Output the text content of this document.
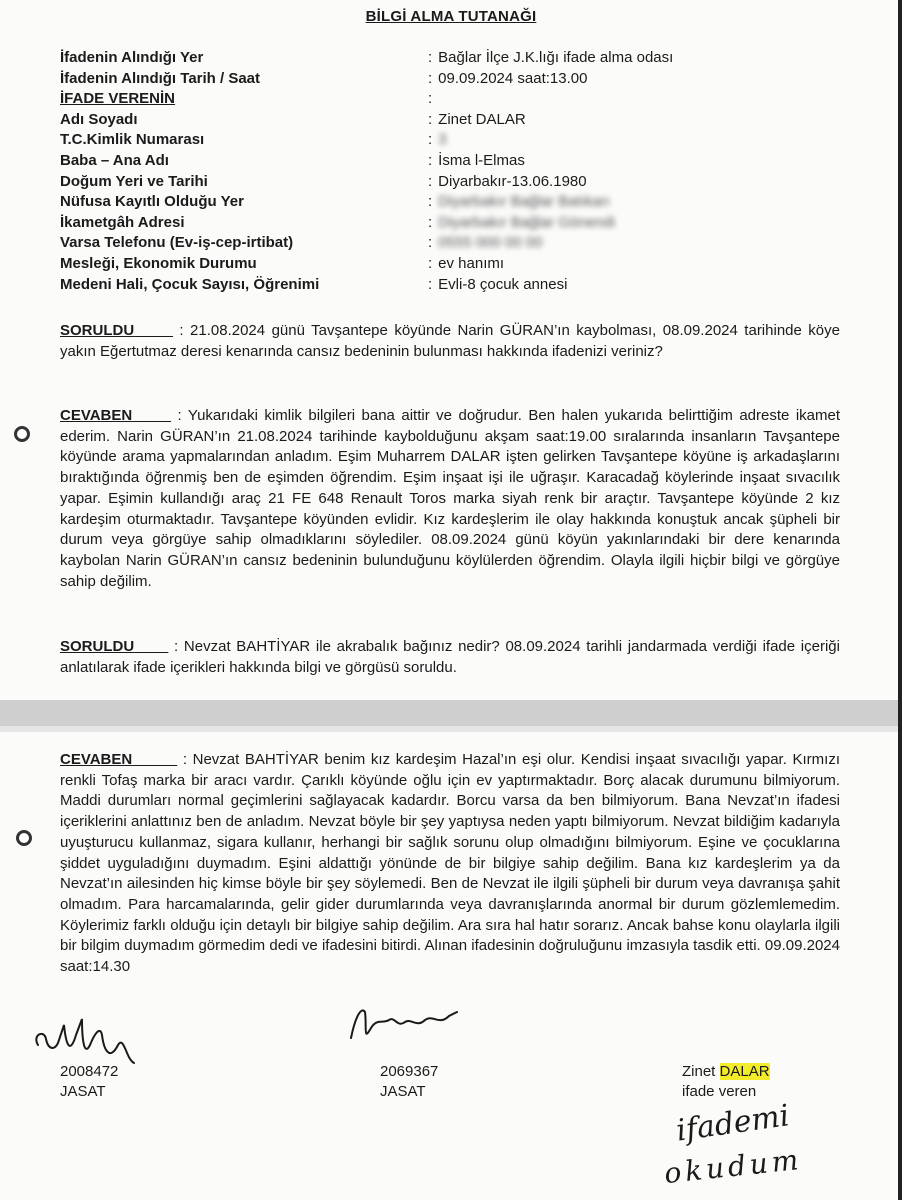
BİLGİ ALMA TUTANAĞI
İfadenin Alındığı Yer	: Bağlar İlçe J.K.lığı ifade alma odası
İfadenin Alındığı Tarih / Saat	: 09.09.2024 saat:13.00
İFADE VERENİN	:
Adı Soyadı	: Zinet DALAR
T.C.Kimlik Numarası	: 3
Baba – Ana Adı	: İsma l-Elmas
Doğum Yeri ve Tarihi	: Diyarbakır-13.06.1980
Nüfusa Kayıtlı Olduğu Yer	: Diyarbakır Bağlar Batıkarı
İkametgâh Adresi	: Diyarbakır Bağlar Gönendi
Varsa Telefonu (Ev-iş-cep-irtibat)	: 0555 000 00 00
Mesleği, Ekonomik Durumu	: ev hanımı
Medeni Hali, Çocuk Sayısı, Öğrenimi	: Evli-8 çocuk annesi
SORULDU	: 21.08.2024 günü Tavşantepe köyünde Narin GÜRAN’ın kaybolması, 08.09.2024 tarihinde köye yakın Eğertutmaz deresi kenarında cansız bedeninin bulunması hakkında ifadenizi veriniz?
CEVABEN	: Yukarıdaki kimlik bilgileri bana aittir ve doğrudur. Ben halen yukarıda belirttiğim adreste ikamet ederim. Narin GÜRAN’ın 21.08.2024 tarihinde kaybolduğunu akşam saat:19.00 sıralarında insanların Tavşantepe köyünde arama yapmalarından anladım. Eşim Muharrem DALAR işten gelirken Tavşantepe köyüne iş arkadaşlarını bıraktığında öğrenmiş ben de eşimden öğrendim. Eşim inşaat işi ile uğraşır. Karacadağ köylerinde inşaat sıvacılık yapar. Eşimin kullandığı araç 21 FE 648 Renault Toros marka siyah renk bir araçtır. Tavşantepe köyünde 2 kız kardeşim oturmaktadır. Tavşantepe köyünden evlidir. Kız kardeşlerim ile olay hakkında konuştuk ancak şüpheli bir durum veya görgüye sahip olmadıklarını söylediler. 08.09.2024 günü köyün yakınlarındaki bir dere kenarında kaybolan Narin GÜRAN’ın cansız bedeninin bulunduğunu köylülerden öğrendim. Olayla ilgili hiçbir bilgi ve görgüye sahip değilim.
SORULDU       : Nevzat BAHTİYAR ile akrabalık bağınız nedir? 08.09.2024 tarihli jandarmada verdiği ifade içeriği anlatılarak ifade içerikleri hakkında bilgi ve görgüsü soruldu.
CEVABEN	: Nevzat BAHTİYAR benim kız kardeşim Hazal’ın eşi olur. Kendisi inşaat sıvacılığı yapar. Kırmızı renkli Tofaş marka bir aracı vardır. Çarıklı köyünde oğlu için ev yaptırmaktadır. Borç alacak durumunu bilmiyorum. Maddi durumları normal geçimlerini sağlayacak kadardır. Borcu varsa da ben bilmiyorum. Bana Nevzat’ın ifadesi içeriklerini anlattınız ben de anladım. Nevzat böyle bir şey yaptıysa neden yaptı bilmiyorum. Nevzat bildiğim kadarıyla uyuşturucu kullanmaz, sigara kullanır, herhangi bir sağlık sorunu olup olmadığını bilmiyorum. Eşine ve çocuklarına şiddet uyguladığını duymadım. Eşini aldattığı yönünde de bir bilgiye sahip değilim. Bana kız kardeşlerim ya da Nevzat’ın ailesinden hiç kimse böyle bir şey söylemedi. Ben de Nevzat ile ilgili şüpheli bir durum veya davranışa şahit olmadım. Para harcamalarında, gelir gider durumlarında veya davranışlarında anormal bir durum gözlemlemedim. Köylerimiz farklı olduğu için detaylı bir bilgiye sahip değilim. Ara sıra hal hatır sorarız. Ancak bahse konu olaylarla ilgili bir bilgim duymadım görmedim dedi ve ifadesini bitirdi. Alınan ifadesinin doğruluğunu imzasıyla tasdik etti. 09.09.2024 saat:14.30
2008472
JASAT
2069367
JASAT
Zinet DALAR
ifade veren
ifademi
okudum
